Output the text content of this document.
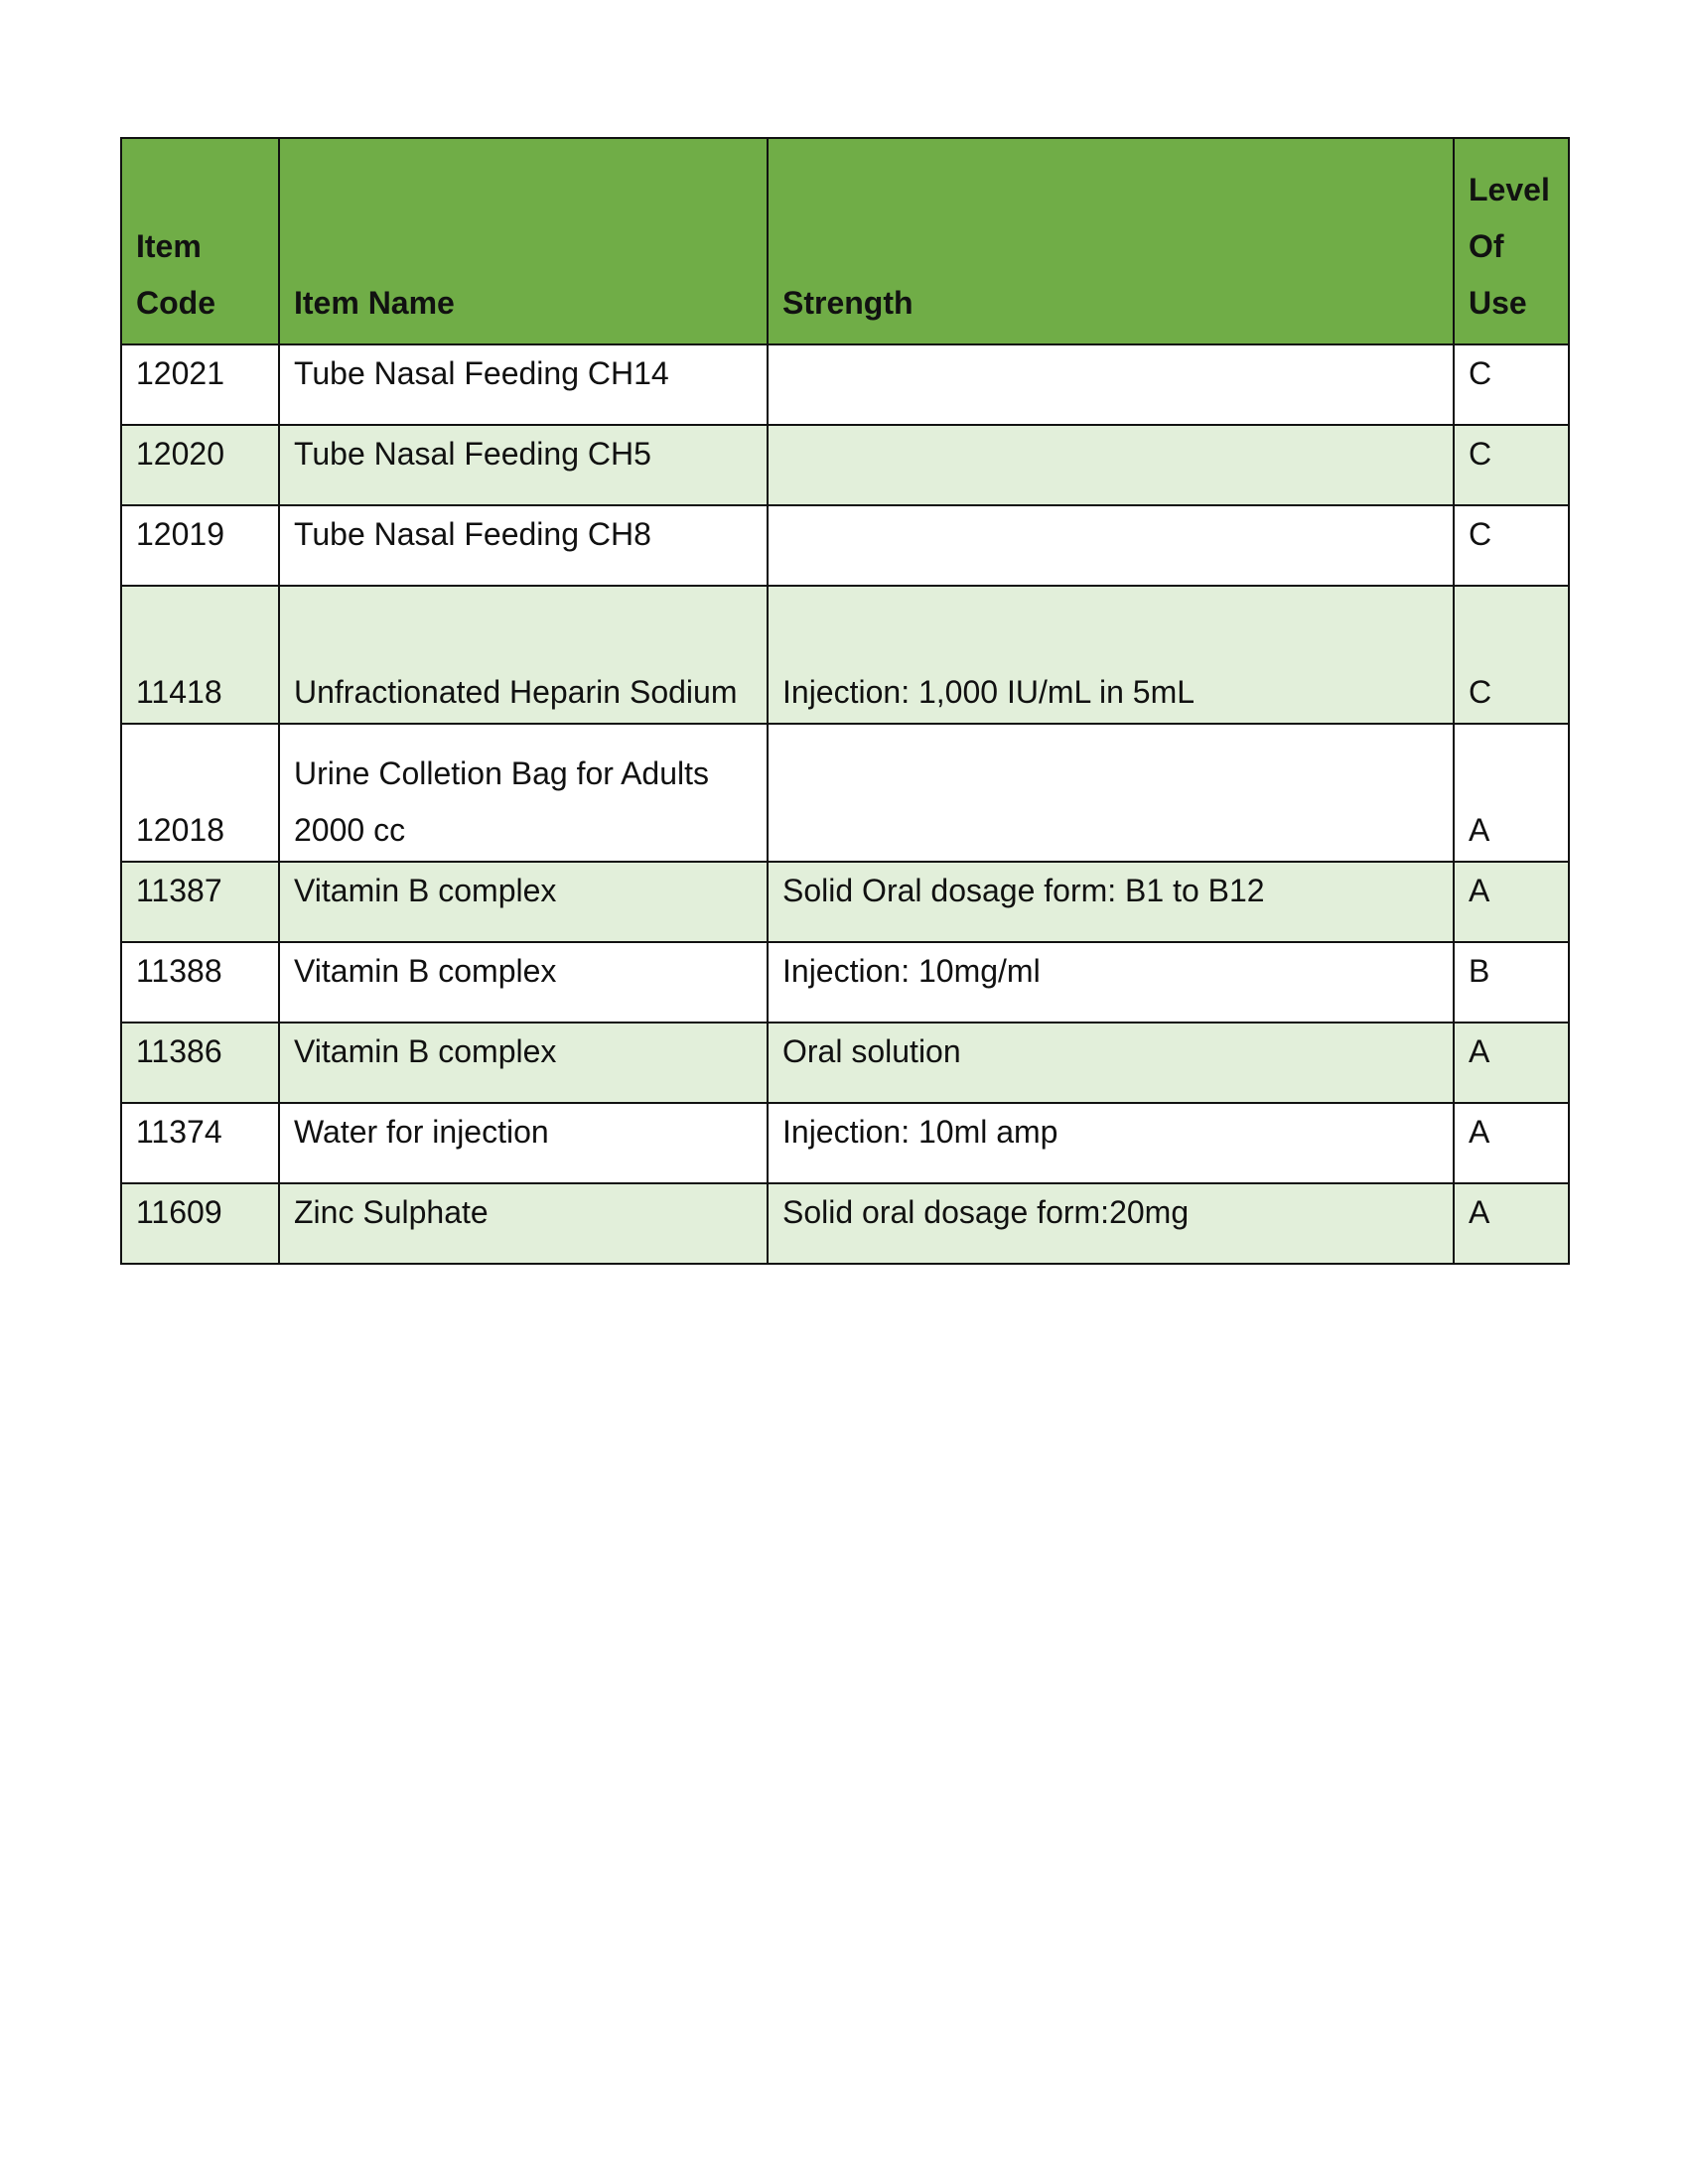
Item Code	Item Name	Strength	Level Of Use
12021	Tube Nasal Feeding CH14		C
12020	Tube Nasal Feeding CH5		C
12019	Tube Nasal Feeding CH8		C
11418	Unfractionated Heparin Sodium	Injection: 1,000 IU/mL in 5mL	C
12018	Urine Colletion Bag for Adults 2000 cc		A
11387	Vitamin B complex	Solid Oral dosage form: B1 to B12	A
11388	Vitamin B complex	Injection: 10mg/ml	B
11386	Vitamin B complex	Oral solution	A
11374	Water for injection	Injection: 10ml amp	A
11609	Zinc Sulphate	Solid oral dosage form:20mg	A
